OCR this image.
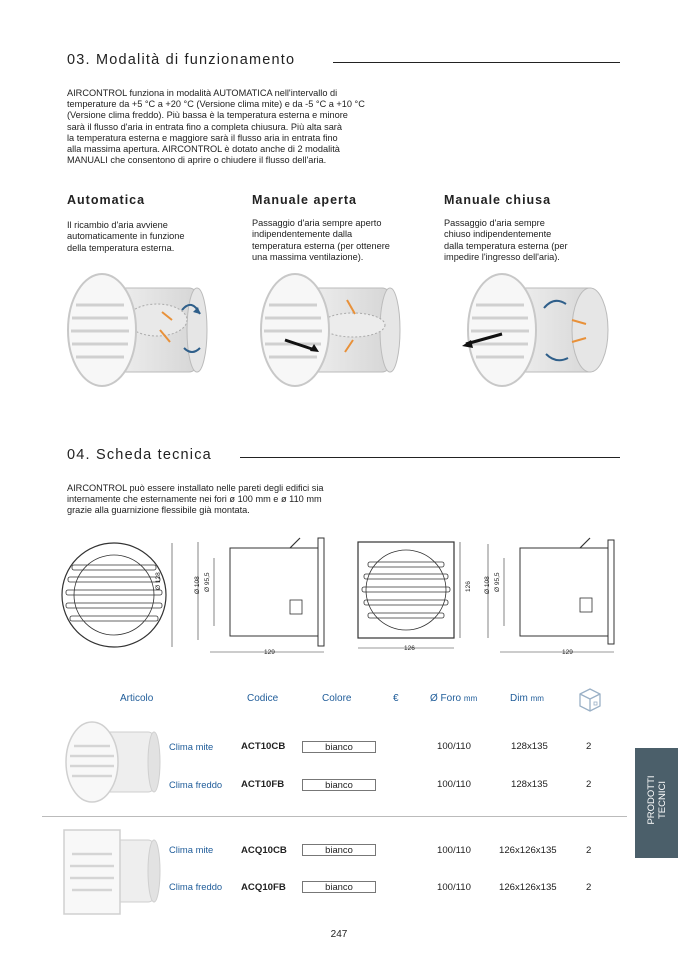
03. Modalità di funzionamento
AIRCONTROL funziona in modalità AUTOMATICA nell'intervallo di
temperature da +5 °C a +20 °C (Versione clima mite) e da -5 °C a +10 °C
(Versione clima freddo). Più bassa è la temperatura esterna e minore
sarà il flusso d'aria in entrata fino a completa chiusura. Più alta sarà
la temperatura esterna e maggiore sarà il flusso aria in entrata fino
alla massima apertura. AIRCONTROL è dotato anche di 2 modalità
MANUALI che consentono di aprire o chiudere il flusso dell'aria.
Automatica
Il ricambio d'aria avviene
automaticamente in funzione
della temperatura esterna.
Manuale aperta
Passaggio d'aria sempre aperto
indipendentemente dalla
temperatura esterna (per ottenere
una massima ventilazione).
Manuale chiusa
Passaggio d'aria sempre
chiuso indipendentemente
dalla temperatura esterna (per
impedire l'ingresso dell'aria).
04. Scheda tecnica
AIRCONTROL può essere installato nelle pareti degli edifici sia
internamente che esternamente nei fori ø 100 mm e ø 110 mm
grazie alla guarnizione flessibile già montata.
Ø 128	Ø 108 Ø 95,5
129
126
126 Ø 108 Ø 95,5
129
Articolo	Codice	Colore	€	Ø Foro mm	Dim mm
Clima mite	ACT10CB	bianco	100/110	128x135	2
Clima freddo ACT10FB	bianco	100/110	128x135	2
Clima mite	ACQ10CB	bianco	100/110	126x126x135	2
Clima freddo ACQ10FB	bianco	100/110	126x126x135	2
PRODOTTI TECNICI
247
